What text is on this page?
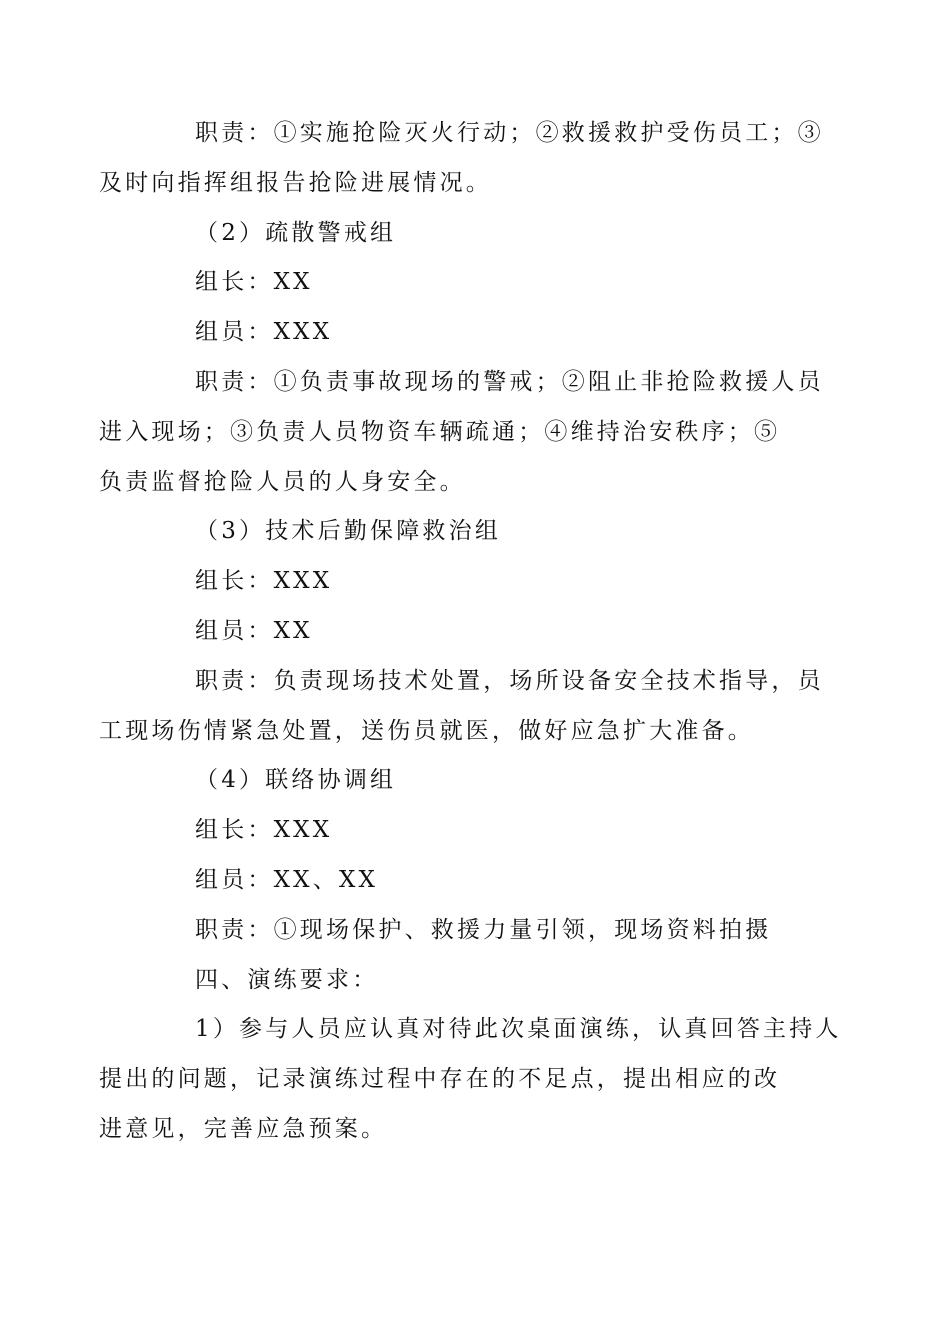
职责：①实施抢险灭火行动；②救援救护受伤员工；③
及时向指挥组报告抢险进展情况。

（2）疏散警戒组

组长：XX

组员：XXX

职责：①负责事故现场的警戒；②阻止非抢险救援人员
进入现场；③负责人员物资车辆疏通；④维持治安秩序；⑤
负责监督抢险人员的人身安全。

（3）技术后勤保障救治组

组长：XXX

组员：XX

职责：负责现场技术处置，场所设备安全技术指导，员
工现场伤情紧急处置，送伤员就医，做好应急扩大准备。

（4）联络协调组

组长：XXX

组员：XX、XX

职责：①现场保护、救援力量引领，现场资料拍摄

四、演练要求：

1）参与人员应认真对待此次桌面演练，认真回答主持人
提出的问题，记录演练过程中存在的不足点，提出相应的改
进意见，完善应急预案。
